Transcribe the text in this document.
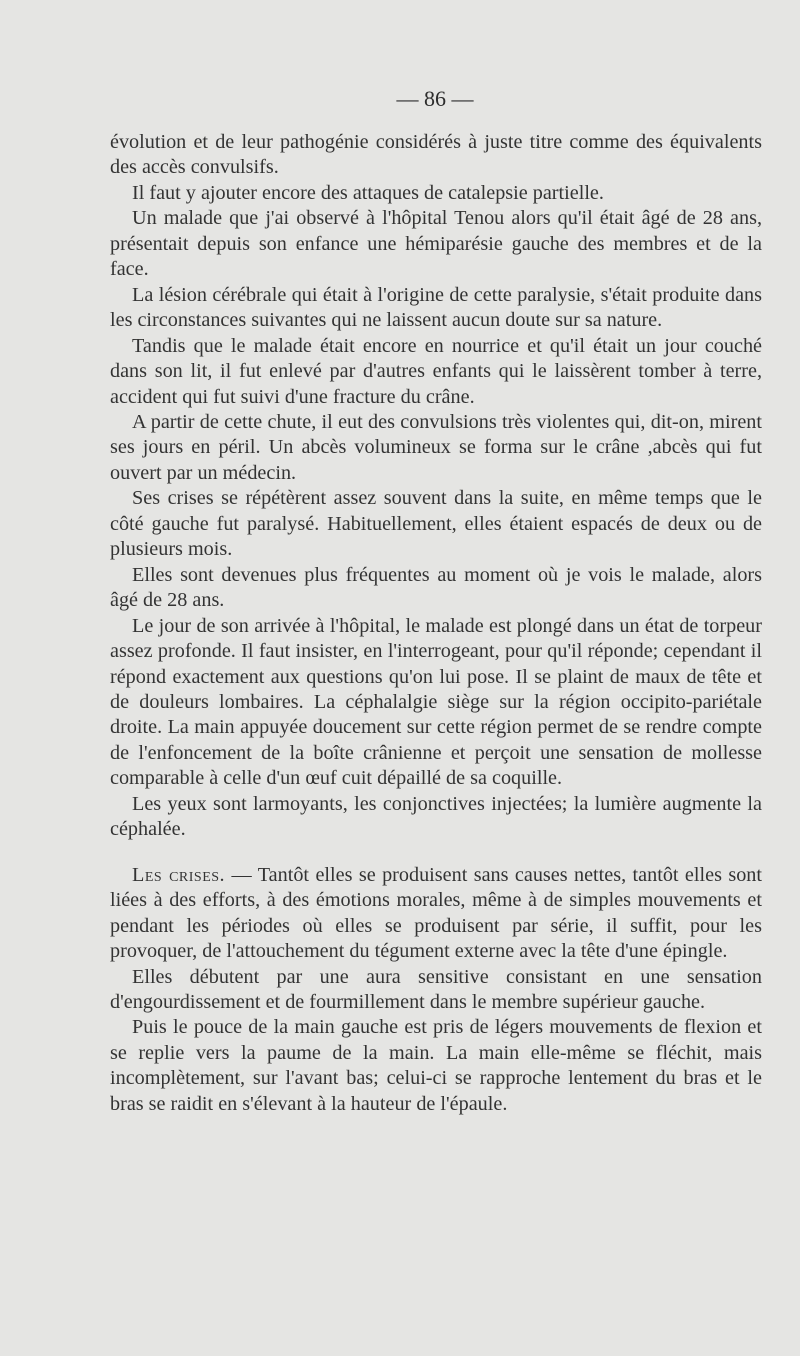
— 86 —

évolution et de leur pathogénie considérés à juste titre comme des équivalents des accès convulsifs.

Il faut y ajouter encore des attaques de catalepsie partielle.

Un malade que j'ai observé à l'hôpital Tenou alors qu'il était âgé de 28 ans, présentait depuis son enfance une hémiparésie gauche des membres et de la face.

La lésion cérébrale qui était à l'origine de cette paralysie, s'était produite dans les circonstances suivantes qui ne laissent aucun doute sur sa nature.

Tandis que le malade était encore en nourrice et qu'il était un jour couché dans son lit, il fut enlevé par d'autres enfants qui le laissèrent tomber à terre, accident qui fut suivi d'une fracture du crâne.

A partir de cette chute, il eut des convulsions très violentes qui, dit-on, mirent ses jours en péril. Un abcès volumineux se forma sur le crâne ,abcès qui fut ouvert par un médecin.

Ses crises se répétèrent assez souvent dans la suite, en même temps que le côté gauche fut paralysé. Habituellement, elles étaient espacés de deux ou de plusieurs mois.

Elles sont devenues plus fréquentes au moment où je vois le malade, alors âgé de 28 ans.

Le jour de son arrivée à l'hôpital, le malade est plongé dans un état de torpeur assez profonde. Il faut insister, en l'interrogeant, pour qu'il réponde; cependant il répond exactement aux questions qu'on lui pose. Il se plaint de maux de tête et de douleurs lombaires. La céphalalgie siège sur la région occipito-pariétale droite. La main appuyée doucement sur cette région permet de se rendre compte de l'enfoncement de la boîte crânienne et perçoit une sensation de mollesse comparable à celle d'un œuf cuit dépaillé de sa coquille.

Les yeux sont larmoyants, les conjonctives injectées; la lumière augmente la céphalée.

Les crises. — Tantôt elles se produisent sans causes nettes, tantôt elles sont liées à des efforts, à des émotions morales, même à de simples mouvements et pendant les périodes où elles se produisent par série, il suffit, pour les provoquer, de l'attouchement du tégument externe avec la tête d'une épingle.

Elles débutent par une aura sensitive consistant en une sensation d'engourdissement et de fourmillement dans le membre supérieur gauche.

Puis le pouce de la main gauche est pris de légers mouvements de flexion et se replie vers la paume de la main. La main elle-même se fléchit, mais incomplètement, sur l'avant bas; celui-ci se rapproche lentement du bras et le bras se raidit en s'élevant à la hauteur de l'épaule.
